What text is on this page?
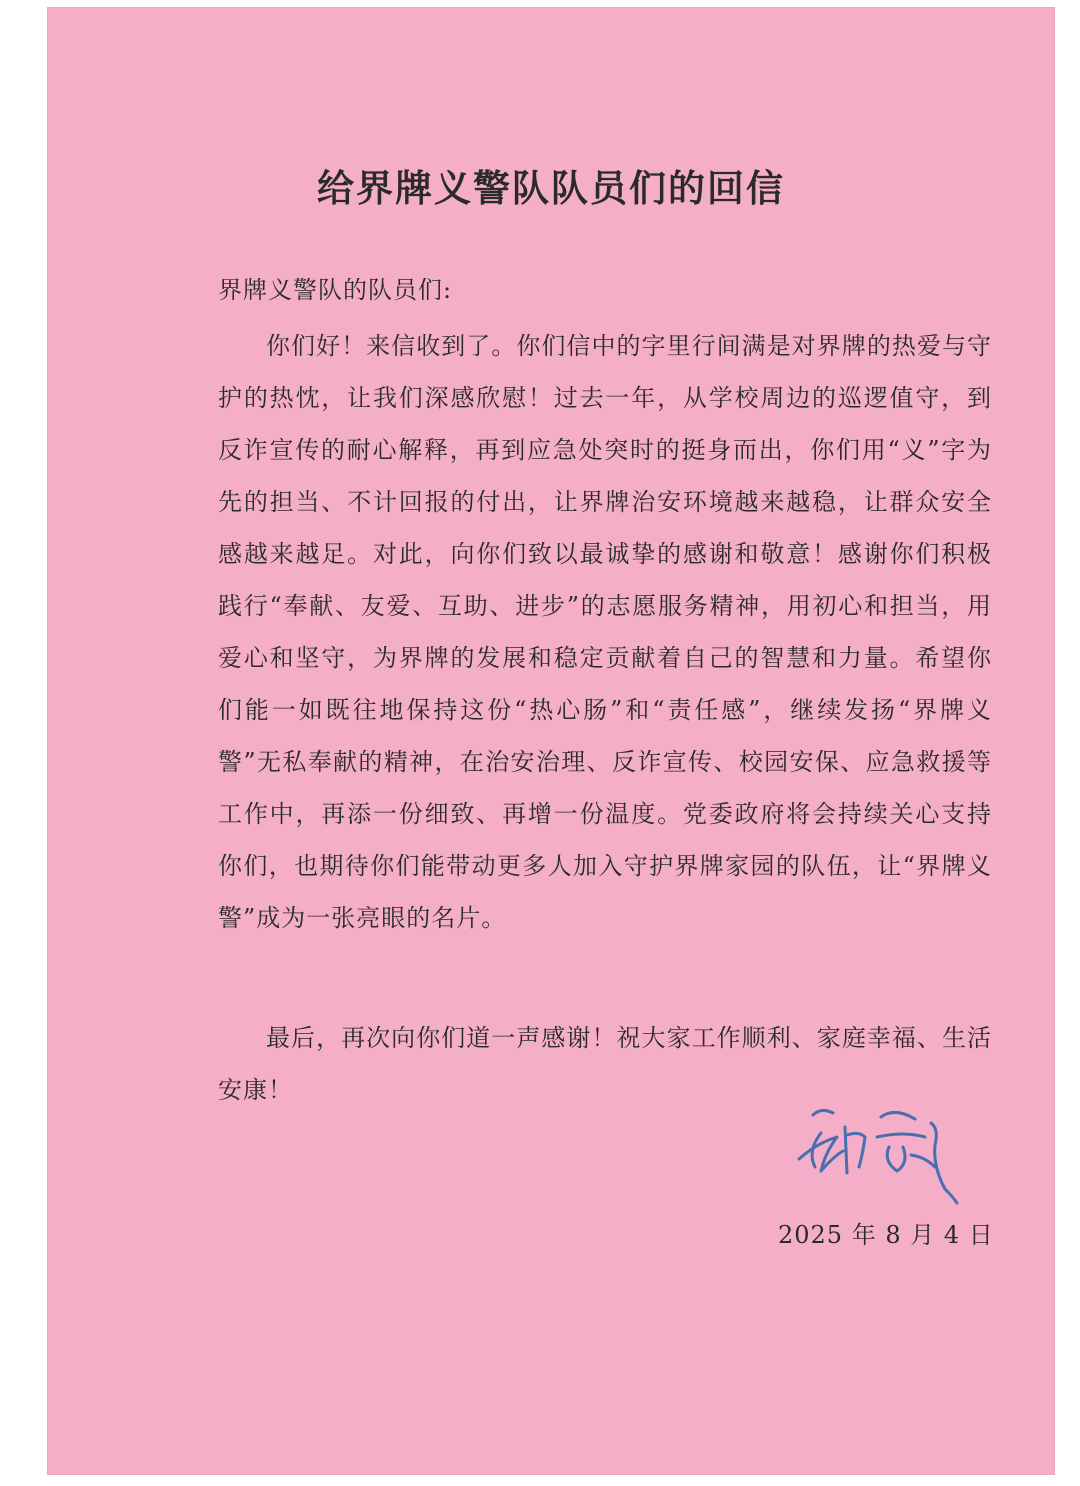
给界牌义警队队员们的回信
界牌义警队的队员们:

你们好！来信收到了。你们信中的字里行间满是对界牌的热爱与守护的热忱，让我们深感欣慰！过去一年，从学校周边的巡逻值守，到反诈宣传的耐心解释，再到应急处突时的挺身而出，你们用“义”字为先的担当、不计回报的付出，让界牌治安环境越来越稳，让群众安全感越来越足。对此，向你们致以最诚挚的感谢和敬意！感谢你们积极践行“奉献、友爱、互助、进步”的志愿服务精神，用初心和担当，用爱心和坚守，为界牌的发展和稳定贡献着自己的智慧和力量。希望你们能一如既往地保持这份“热心肠”和“责任感”，继续发扬“界牌义警”无私奉献的精神，在治安治理、反诈宣传、校园安保、应急救援等工作中，再添一份细致、再增一份温度。党委政府将会持续关心支持你们，也期待你们能带动更多人加入守护界牌家园的队伍，让“界牌义警”成为一张亮眼的名片。

最后，再次向你们道一声感谢！祝大家工作顺利、家庭幸福、生活安康！

2025 年 8 月 4 日
